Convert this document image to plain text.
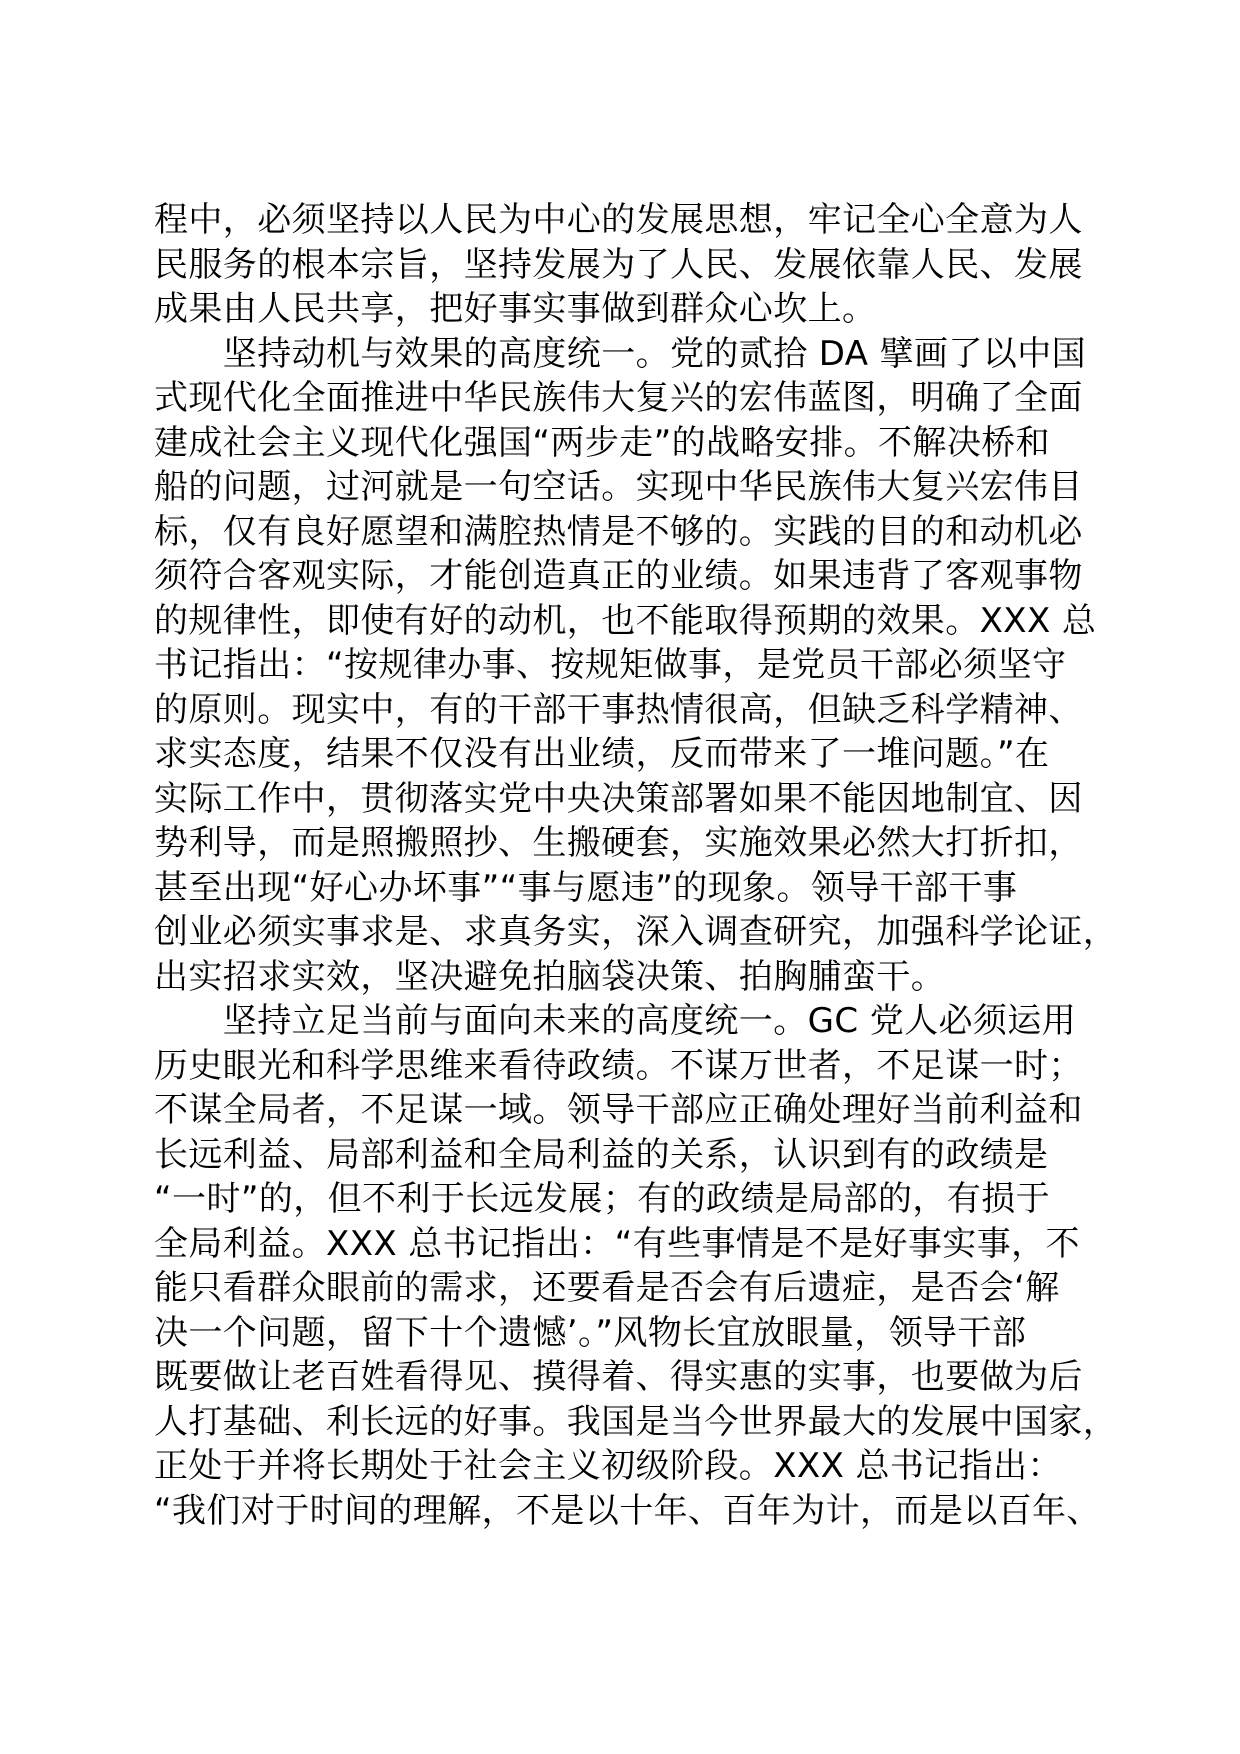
程中，必须坚持以人民为中心的发展思想，牢记全心全意为人
民服务的根本宗旨，坚持发展为了人民、发展依靠人民、发展
成果由人民共享，把好事实事做到群众心坎上。
　　坚持动机与效果的高度统一。党的贰拾 DA 擘画了以中国
式现代化全面推进中华民族伟大复兴的宏伟蓝图，明确了全面
建成社会主义现代化强国“两步走”的战略安排。不解决桥和
船的问题，过河就是一句空话。实现中华民族伟大复兴宏伟目
标，仅有良好愿望和满腔热情是不够的。实践的目的和动机必
须符合客观实际，才能创造真正的业绩。如果违背了客观事物
的规律性，即使有好的动机，也不能取得预期的效果。XXX 总
书记指出：“按规律办事、按规矩做事，是党员干部必须坚守
的原则。现实中，有的干部干事热情很高，但缺乏科学精神、
求实态度，结果不仅没有出业绩，反而带来了一堆问题。”在
实际工作中，贯彻落实党中央决策部署如果不能因地制宜、因
势利导，而是照搬照抄、生搬硬套，实施效果必然大打折扣，
甚至出现“好心办坏事”“事与愿违”的现象。领导干部干事
创业必须实事求是、求真务实，深入调查研究，加强科学论证，
出实招求实效，坚决避免拍脑袋决策、拍胸脯蛮干。
　　坚持立足当前与面向未来的高度统一。GC 党人必须运用
历史眼光和科学思维来看待政绩。不谋万世者，不足谋一时；
不谋全局者，不足谋一域。领导干部应正确处理好当前利益和
长远利益、局部利益和全局利益的关系，认识到有的政绩是
“一时”的，但不利于长远发展；有的政绩是局部的，有损于
全局利益。XXX 总书记指出：“有些事情是不是好事实事，不
能只看群众眼前的需求，还要看是否会有后遗症，是否会‘解
决一个问题，留下十个遗憾’。”风物长宜放眼量，领导干部
既要做让老百姓看得见、摸得着、得实惠的实事，也要做为后
人打基础、利长远的好事。我国是当今世界最大的发展中国家，
正处于并将长期处于社会主义初级阶段。XXX 总书记指出：
“我们对于时间的理解，不是以十年、百年为计，而是以百年、
